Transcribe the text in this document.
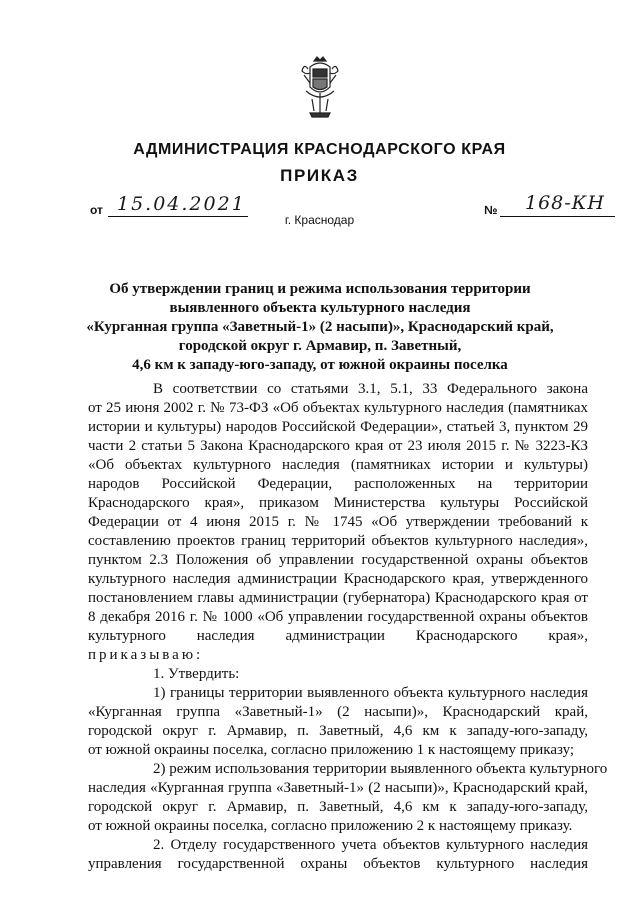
АДМИНИСТРАЦИЯ КРАСНОДАРСКОГО КРАЯ
ПРИКАЗ
от 15.04.2021
г. Краснодар
№ 168-КН
Об утверждении границ и режима использования территории
выявленного объекта культурного наследия
«Курганная группа «Заветный-1» (2 насыпи)», Краснодарский край,
городской округ г. Армавир, п. Заветный,
4,6 км к западу-юго-западу, от южной окраины поселка
В соответствии со статьями 3.1, 5.1, 33 Федерального закона
от 25 июня 2002 г. № 73-ФЗ «Об объектах культурного наследия (памятниках
истории и культуры) народов Российской Федерации», статьей 3, пунктом 29
части 2 статьи 5 Закона Краснодарского края от 23 июля 2015 г. № 3223-КЗ
«Об объектах культурного наследия (памятниках истории и культуры)
народов Российской Федерации, расположенных на территории
Краснодарского края», приказом Министерства культуры Российской
Федерации от 4 июня 2015 г. № 1745 «Об утверждении требований к
составлению проектов границ территорий объектов культурного наследия»,
пунктом 2.3 Положения об управлении государственной охраны объектов
культурного наследия администрации Краснодарского края, утвержденного
постановлением главы администрации (губернатора) Краснодарского края от
8 декабря 2016 г. № 1000 «Об управлении государственной охраны объектов
культурного наследия администрации Краснодарского края»,
приказываю:
1. Утвердить:
1) границы территории выявленного объекта культурного наследия
«Курганная группа «Заветный-1» (2 насыпи)», Краснодарский край,
городской округ г. Армавир, п. Заветный, 4,6 км к западу-юго-западу,
от южной окраины поселка, согласно приложению 1 к настоящему приказу;
2) режим использования территории выявленного объекта культурного
наследия «Курганная группа «Заветный-1» (2 насыпи)», Краснодарский край,
городской округ г. Армавир, п. Заветный, 4,6 км к западу-юго-западу,
от южной окраины поселка, согласно приложению 2 к настоящему приказу.
2. Отделу государственного учета объектов культурного наследия
управления государственной охраны объектов культурного наследия
